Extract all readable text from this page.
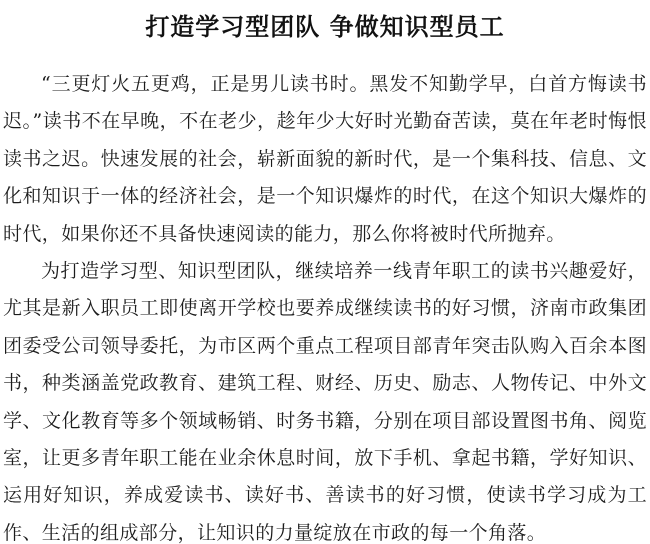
打造学习型团队 争做知识型员工

“三更灯火五更鸡，正是男儿读书时。黑发不知勤学早，白首方悔读书迟。”读书不在早晚，不在老少，趁年少大好时光勤奋苦读，莫在年老时悔恨读书之迟。快速发展的社会，崭新面貌的新时代，是一个集科技、信息、文化和知识于一体的经济社会，是一个知识爆炸的时代，在这个知识大爆炸的时代，如果你还不具备快速阅读的能力，那么你将被时代所抛弃。

为打造学习型、知识型团队，继续培养一线青年职工的读书兴趣爱好，尤其是新入职员工即使离开学校也要养成继续读书的好习惯，济南市政集团团委受公司领导委托，为市区两个重点工程项目部青年突击队购入百余本图书，种类涵盖党政教育、建筑工程、财经、历史、励志、人物传记、中外文学、文化教育等多个领域畅销、时务书籍，分别在项目部设置图书角、阅览室，让更多青年职工能在业余休息时间，放下手机、拿起书籍，学好知识、运用好知识，养成爱读书、读好书、善读书的好习惯，使读书学习成为工作、生活的组成部分，让知识的力量绽放在市政的每一个角落。
